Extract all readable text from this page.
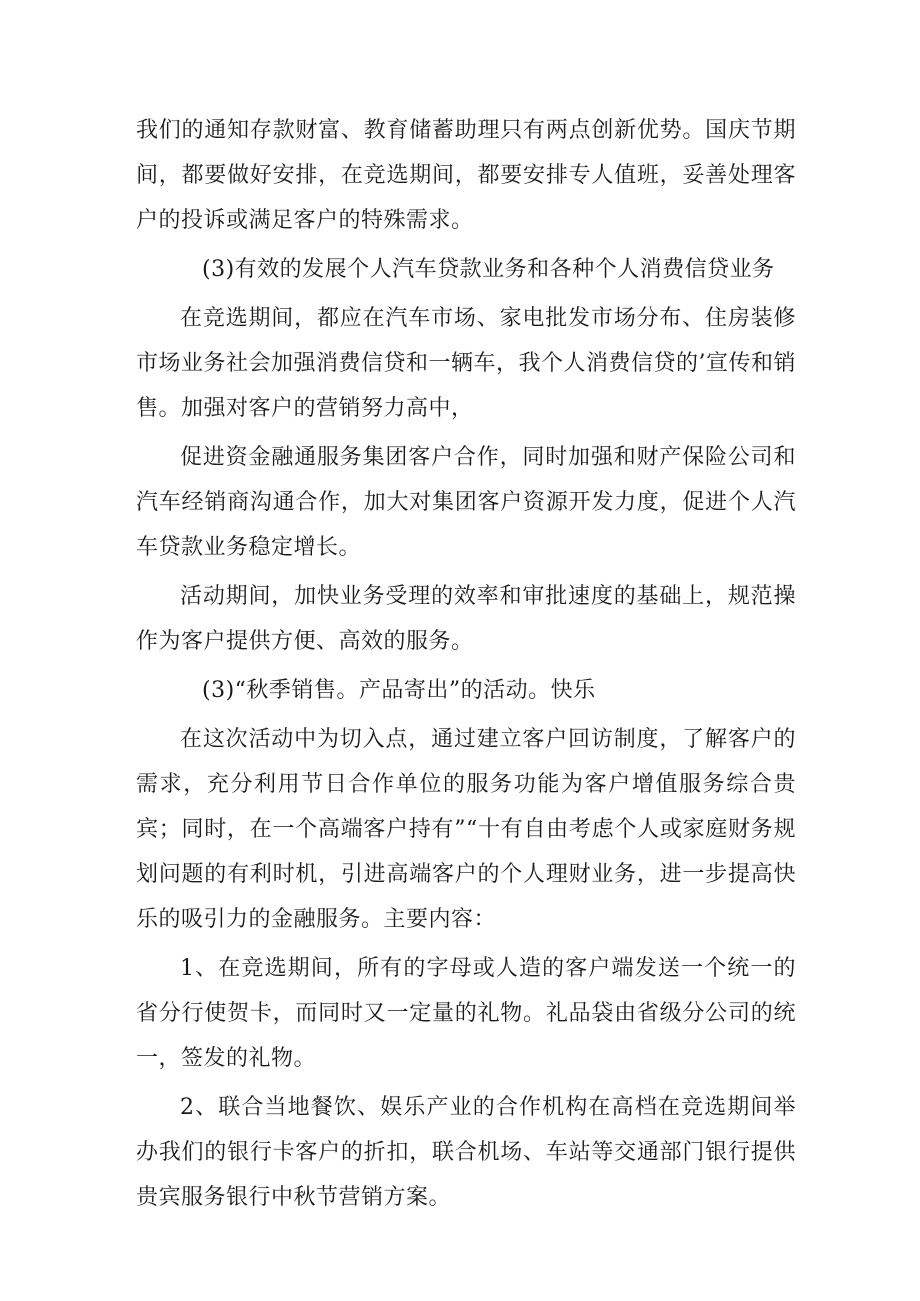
我们的通知存款财富、教育储蓄助理只有两点创新优势。国庆节期间，都要做好安排，在竞选期间，都要安排专人值班，妥善处理客户的投诉或满足客户的特殊需求。

(3)有效的发展个人汽车贷款业务和各种个人消费信贷业务

在竞选期间，都应在汽车市场、家电批发市场分布、住房装修市场业务社会加强消费信贷和一辆车，我个人消费信贷的’宣传和销售。加强对客户的营销努力高中，

促进资金融通服务集团客户合作，同时加强和财产保险公司和汽车经销商沟通合作，加大对集团客户资源开发力度，促进个人汽车贷款业务稳定增长。

活动期间，加快业务受理的效率和审批速度的基础上，规范操作为客户提供方便、高效的服务。

(3)“秋季销售。产品寄出”的活动。快乐

在这次活动中为切入点，通过建立客户回访制度，了解客户的需求，充分利用节日合作单位的服务功能为客户增值服务综合贵宾；同时，在一个高端客户持有”“十有自由考虑个人或家庭财务规划问题的有利时机，引进高端客户的个人理财业务，进一步提高快乐的吸引力的金融服务。主要内容：

1、在竞选期间，所有的字母或人造的客户端发送一个统一的省分行使贺卡，而同时又一定量的礼物。礼品袋由省级分公司的统一，签发的礼物。

2、联合当地餐饮、娱乐产业的合作机构在高档在竞选期间举办我们的银行卡客户的折扣，联合机场、车站等交通部门银行提供贵宾服务银行中秋节营销方案。
